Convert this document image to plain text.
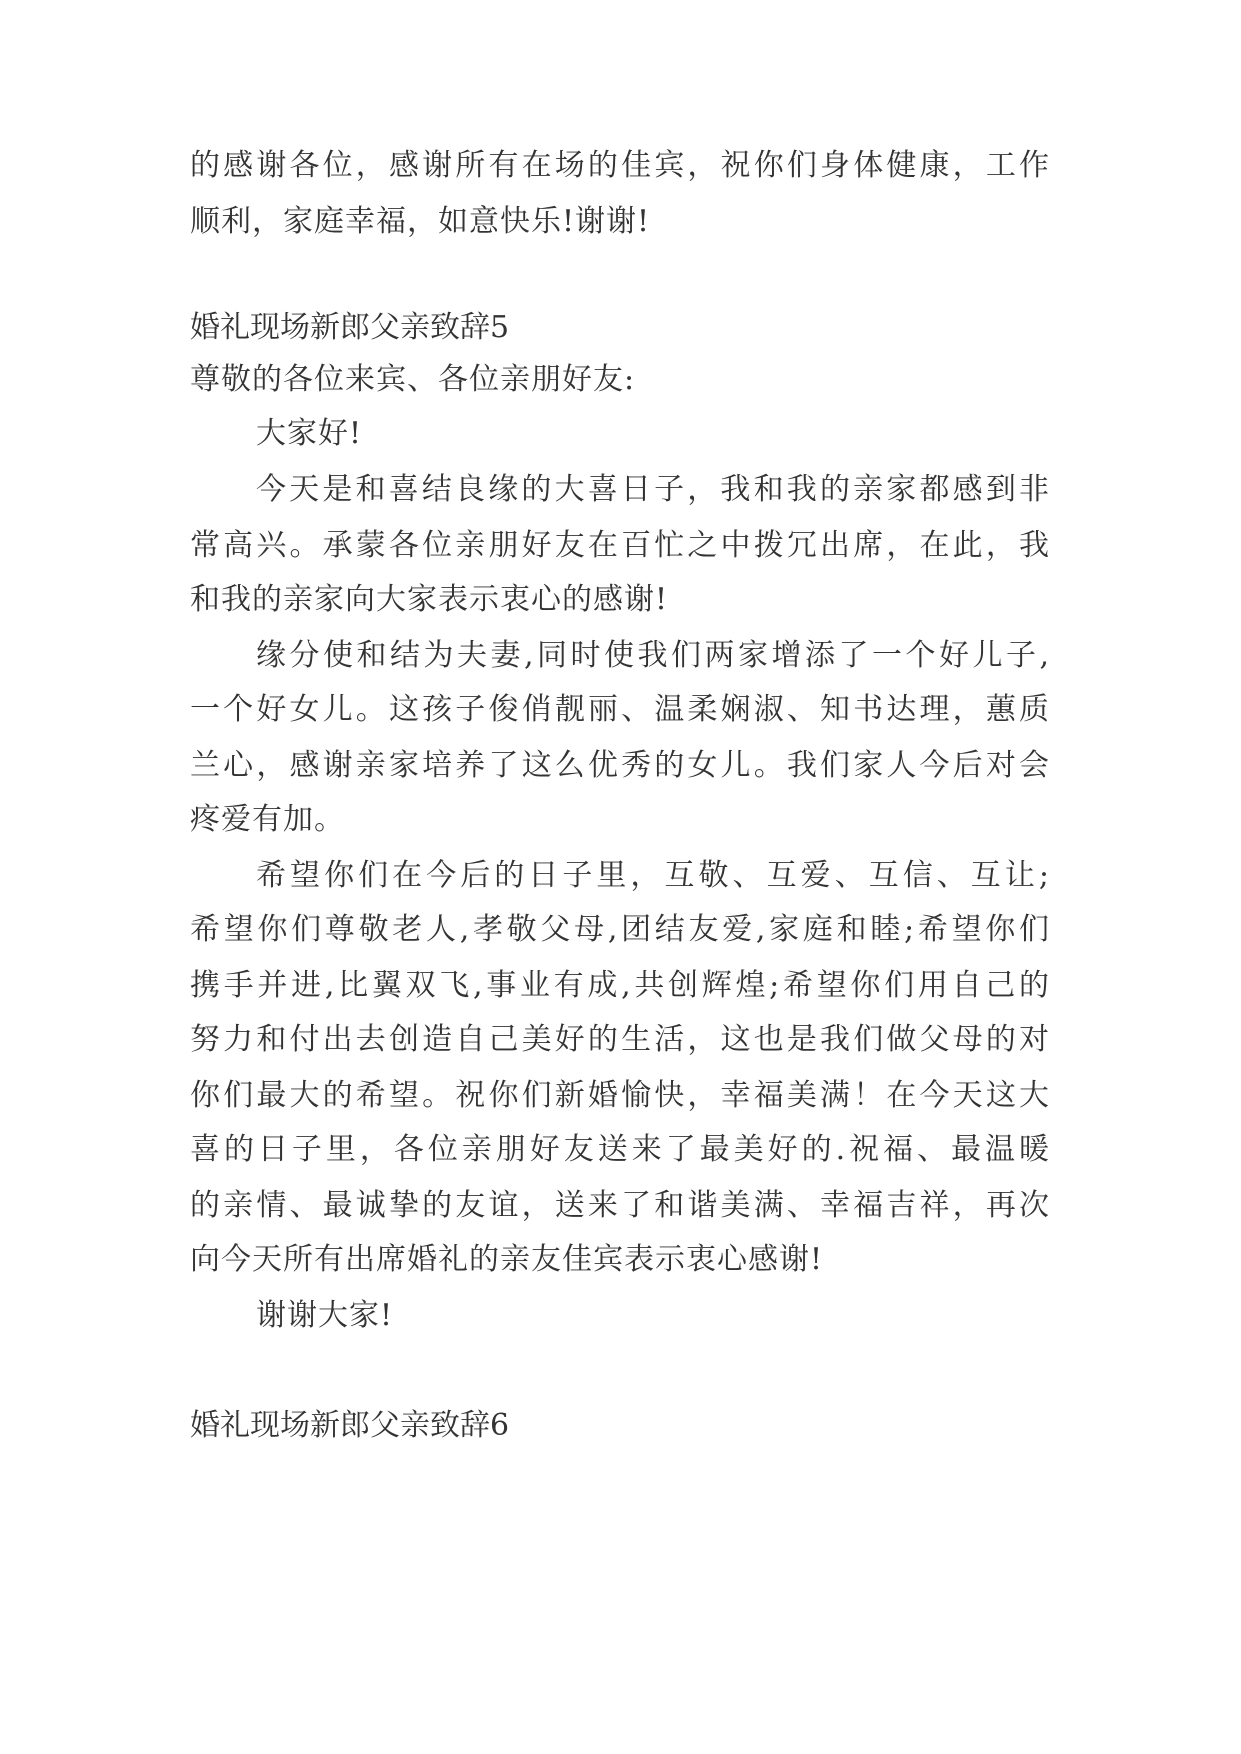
的感谢各位，感谢所有在场的佳宾，祝你们身体健康，工作
顺利，家庭幸福，如意快乐!谢谢!
婚礼现场新郎父亲致辞5
尊敬的各位来宾、各位亲朋好友:
大家好!
今天是和喜结良缘的大喜日子，我和我的亲家都感到非
常高兴。承蒙各位亲朋好友在百忙之中拨冗出席，在此，我
和我的亲家向大家表示衷心的感谢!
缘分使和结为夫妻,同时使我们两家增添了一个好儿子,
一个好女儿。这孩子俊俏靓丽、温柔娴淑、知书达理，蕙质
兰心，感谢亲家培养了这么优秀的女儿。我们家人今后对会
疼爱有加。
希望你们在今后的日子里，互敬、互爱、互信、互让;
希望你们尊敬老人,孝敬父母,团结友爱,家庭和睦;希望你们
携手并进,比翼双飞,事业有成,共创辉煌;希望你们用自己的
努力和付出去创造自己美好的生活，这也是我们做父母的对
你们最大的希望。祝你们新婚愉快，幸福美满！在今天这大
喜的日子里，各位亲朋好友送来了最美好的.祝福、最温暖
的亲情、最诚挚的友谊，送来了和谐美满、幸福吉祥，再次
向今天所有出席婚礼的亲友佳宾表示衷心感谢!
谢谢大家!
婚礼现场新郎父亲致辞6
